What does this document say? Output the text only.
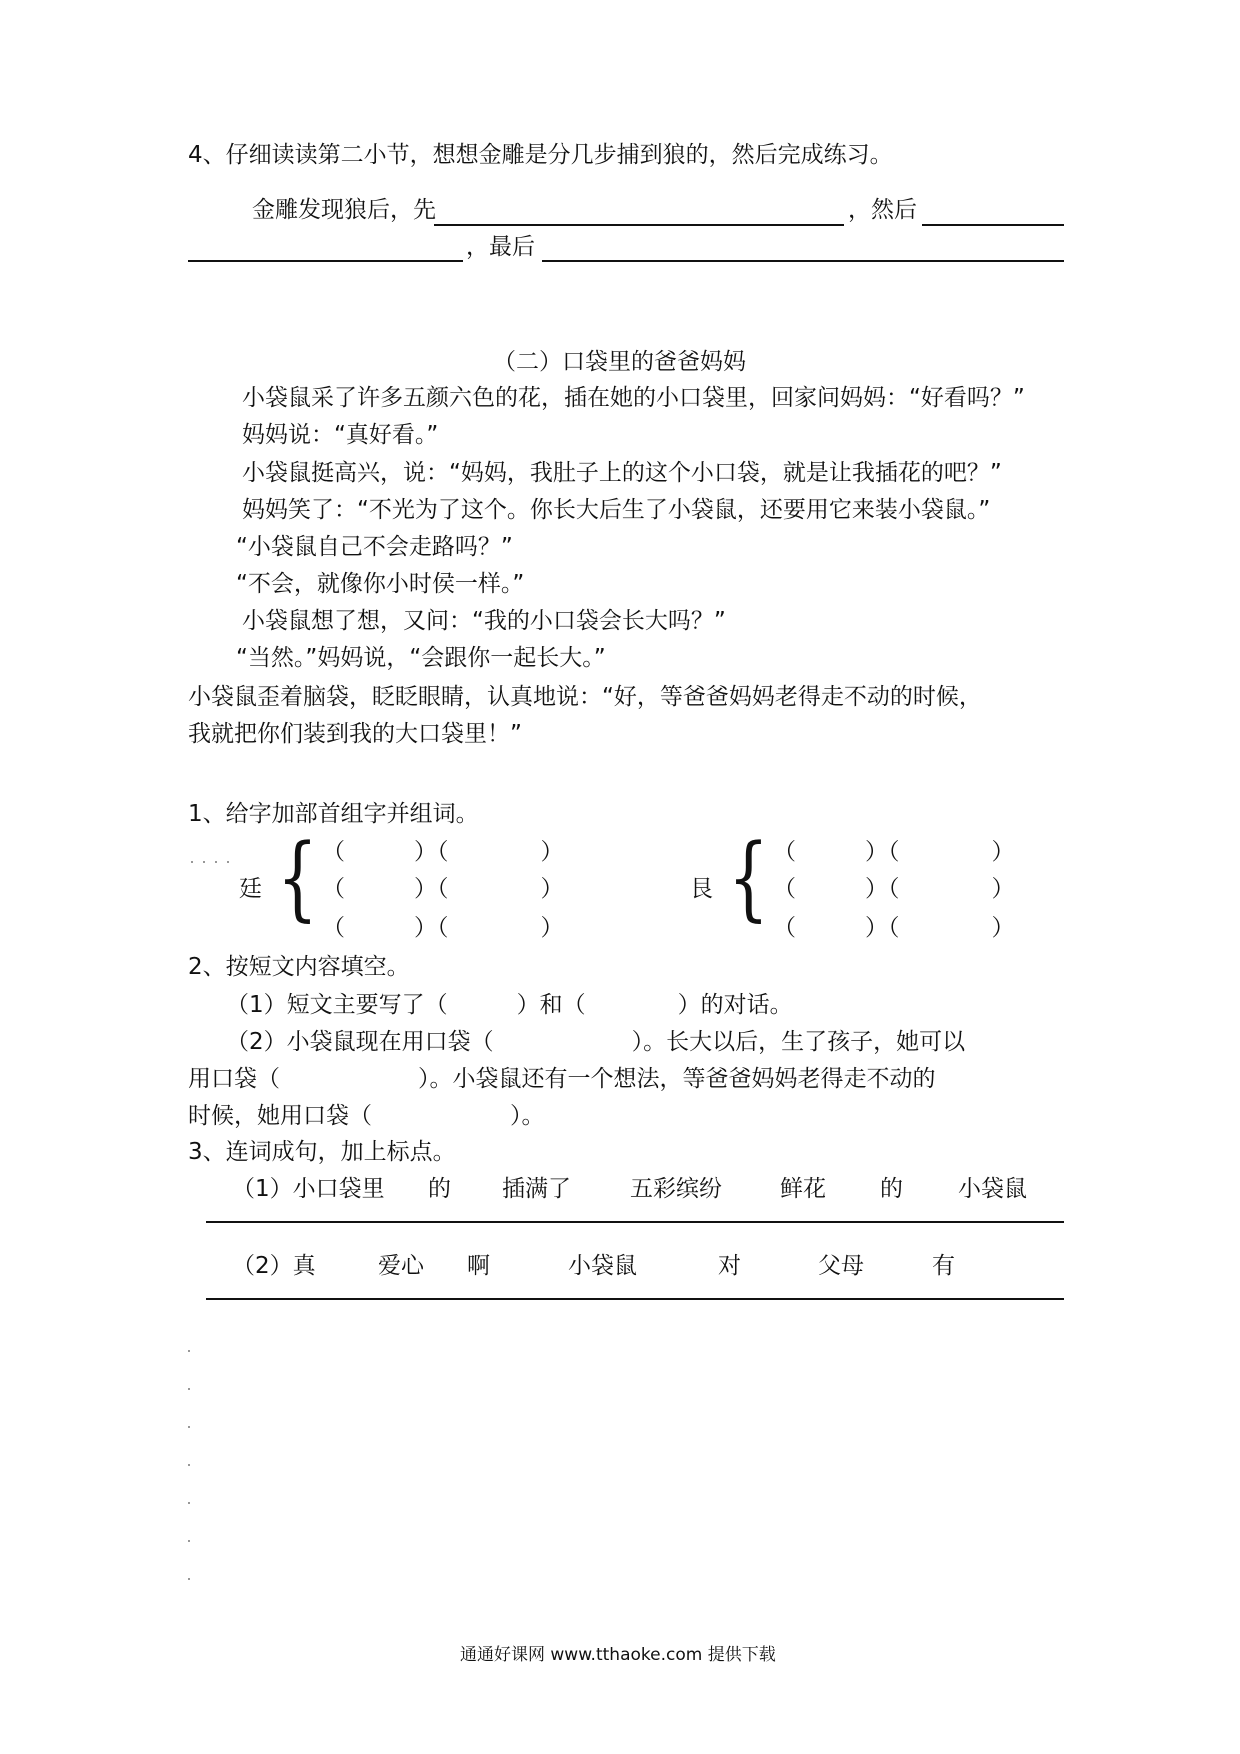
4、仔细读读第二小节，想想金雕是分几步捕到狼的，然后完成练习。
金雕发现狼后，先	，然后
，最后
（二）口袋里的爸爸妈妈
小袋鼠采了许多五颜六色的花，插在她的小口袋里，回家问妈妈：“好看吗？”
妈妈说：“真好看。”
小袋鼠挺高兴，说：“妈妈，我肚子上的这个小口袋，就是让我插花的吧？”
妈妈笑了：“不光为了这个。你长大后生了小袋鼠，还要用它来装小袋鼠。”
“小袋鼠自己不会走路吗？”
“不会，就像你小时侯一样。”
小袋鼠想了想，又问：“我的小口袋会长大吗？”
“当然。”妈妈说，“会跟你一起长大。”
小袋鼠歪着脑袋，眨眨眼睛，认真地说：“好，等爸爸妈妈老得走不动的时候，
我就把你们装到我的大口袋里！”
1、给字加部首组字并组词。
廷 { （　　　）（　　　　）
（　　　）（　　　　）
（　　　）（　　　　）
艮 { （　　　）（　　　　）
（　　　）（　　　　）
（　　　）（　　　　）
2、按短文内容填空。
（1）短文主要写了（　　　）和（　　　　）的对话。
（2）小袋鼠现在用口袋（　　　　　　）。长大以后，生了孩子，她可以
用口袋（　　　　　　）。小袋鼠还有一个想法，等爸爸妈妈老得走不动的
时候，她用口袋（　　　　　　）。
3、连词成句，加上标点。
（1）小口袋里 的 插满了	五彩缤纷	鲜花 的 小袋鼠
（2）真	爱心 啊	小袋鼠	对	父母	有
通通好课网 www.tthaoke.com 提供下载
